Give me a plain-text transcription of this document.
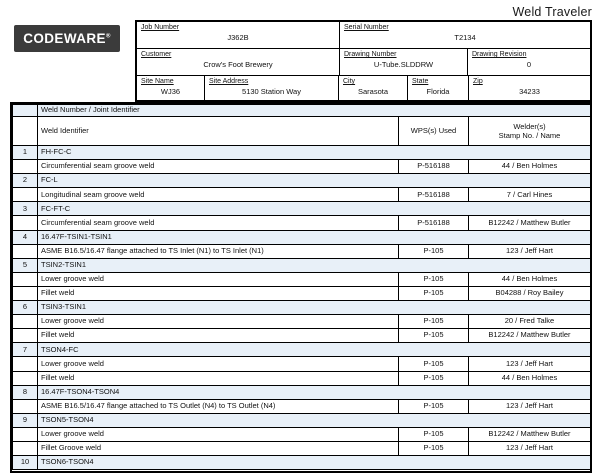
Weld Traveler
CODEWARE®
Job Number
J362B
Serial Number
T2134
Customer
Crow's Foot Brewery
Drawing Number
U-Tube.SLDDRW
Drawing Revision
0
Site Name
WJ36
Site Address
5130 Station Way
City
Sarasota
State
Florida
Zip
34233
	Weld Number / Joint Identifier		
	Weld Identifier	WPS(s) Used	Welder(s)
Stamp No. / Name

1	FH-FC-C		
	Circumferential seam groove weld	P-516188	44 / Ben Holmes
2	FC-L		
	Longitudinal seam groove weld	P-516188	7 / Carl Hines
3	FC-FT-C		
	Circumferential seam groove weld	P-516188	B12242 / Matthew Butler
4	16.47F-TSIN1-TSIN1		
	ASME B16.5/16.47 flange attached to TS Inlet (N1) to TS Inlet (N1)	P-105	123 / Jeff Hart
5	TSIN2-TSIN1		
	Lower groove weld	P-105	44 / Ben Holmes
	Fillet weld	P-105	B04288 / Roy Bailey
6	TSIN3-TSIN1		
	Lower groove weld	P-105	20 / Fred Talke
	Fillet weld	P-105	B12242 / Matthew Butler
7	TSON4-FC		
	Lower groove weld	P-105	123 / Jeff Hart
	Fillet weld	P-105	44 / Ben Holmes
8	16.47F-TSON4-TSON4		
	ASME B16.5/16.47 flange attached to TS Outlet (N4) to TS Outlet (N4)	P-105	123 / Jeff Hart
9	TSON5-TSON4		
	Lower groove weld	P-105	B12242 / Matthew Butler
	Fillet Groove weld	P-105	123 / Jeff Hart
10	TSON6-TSON4		
